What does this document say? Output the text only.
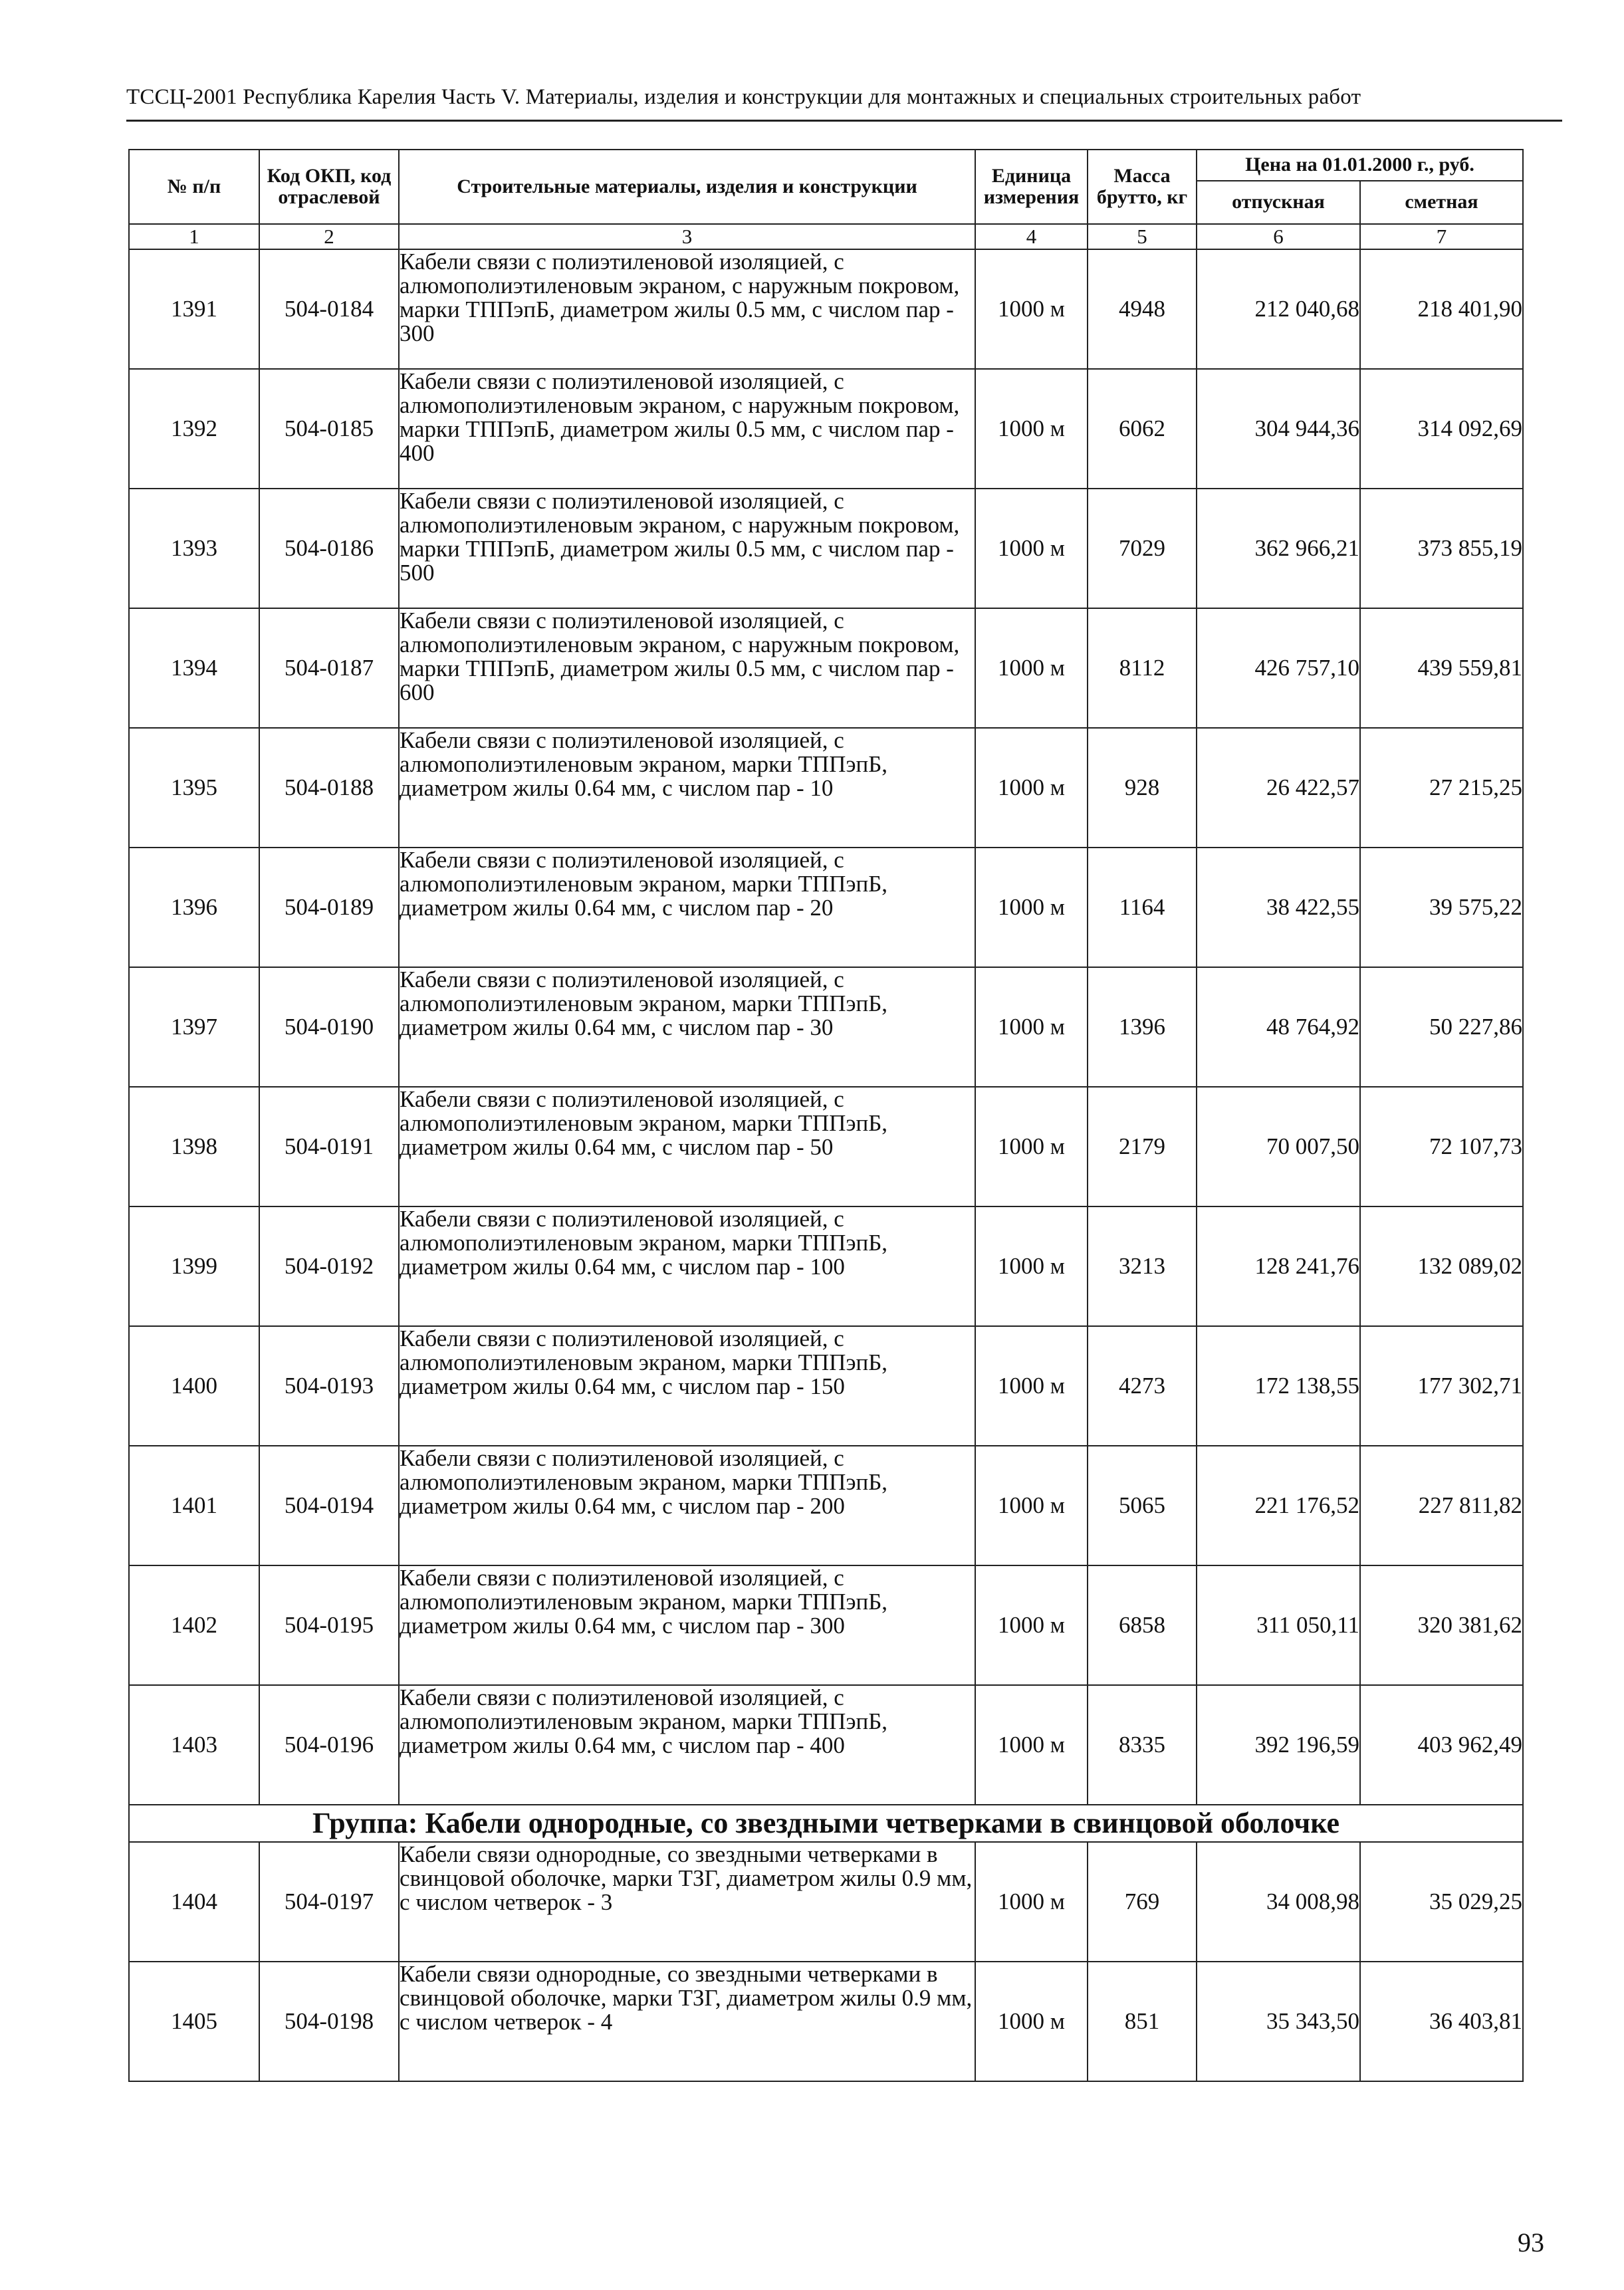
ТССЦ-2001 Республика Карелия Часть V. Материалы, изделия и конструкции для монтажных и специальных строительных работ
№ п/п	Код ОКП, код отраслевой	Строительные материалы, изделия и конструкции	Единица измерения	Масса брутто, кг	Цена на 01.01.2000 г., руб.	
					отпускная	сметная
1	2	3	4	5	6	7
1391	504-0184	Кабели связи с полиэтиленовой изоляцией, с алюмополиэтиленовым экраном, с наружным покровом, марки ТППэпБ, диаметром жилы 0.5 мм, с числом пар - 300	1000 м	4948	212 040,68	218 401,90
1392	504-0185	Кабели связи с полиэтиленовой изоляцией, с алюмополиэтиленовым экраном, с наружным покровом, марки ТППэпБ, диаметром жилы 0.5 мм, с числом пар - 400	1000 м	6062	304 944,36	314 092,69
1393	504-0186	Кабели связи с полиэтиленовой изоляцией, с алюмополиэтиленовым экраном, с наружным покровом, марки ТППэпБ, диаметром жилы 0.5 мм, с числом пар - 500	1000 м	7029	362 966,21	373 855,19
1394	504-0187	Кабели связи с полиэтиленовой изоляцией, с алюмополиэтиленовым экраном, с наружным покровом, марки ТППэпБ, диаметром жилы 0.5 мм, с числом пар - 600	1000 м	8112	426 757,10	439 559,81
1395	504-0188	Кабели связи с полиэтиленовой изоляцией, с алюмополиэтиленовым экраном, марки ТППэпБ, диаметром жилы 0.64 мм, с числом пар - 10	1000 м	928	26 422,57	27 215,25
1396	504-0189	Кабели связи с полиэтиленовой изоляцией, с алюмополиэтиленовым экраном, марки ТППэпБ, диаметром жилы 0.64 мм, с числом пар - 20	1000 м	1164	38 422,55	39 575,22
1397	504-0190	Кабели связи с полиэтиленовой изоляцией, с алюмополиэтиленовым экраном, марки ТППэпБ, диаметром жилы 0.64 мм, с числом пар - 30	1000 м	1396	48 764,92	50 227,86
1398	504-0191	Кабели связи с полиэтиленовой изоляцией, с алюмополиэтиленовым экраном, марки ТППэпБ, диаметром жилы 0.64 мм, с числом пар - 50	1000 м	2179	70 007,50	72 107,73
1399	504-0192	Кабели связи с полиэтиленовой изоляцией, с алюмополиэтиленовым экраном, марки ТППэпБ, диаметром жилы 0.64 мм, с числом пар - 100	1000 м	3213	128 241,76	132 089,02
1400	504-0193	Кабели связи с полиэтиленовой изоляцией, с алюмополиэтиленовым экраном, марки ТППэпБ, диаметром жилы 0.64 мм, с числом пар - 150	1000 м	4273	172 138,55	177 302,71
1401	504-0194	Кабели связи с полиэтиленовой изоляцией, с алюмополиэтиленовым экраном, марки ТППэпБ, диаметром жилы 0.64 мм, с числом пар - 200	1000 м	5065	221 176,52	227 811,82
1402	504-0195	Кабели связи с полиэтиленовой изоляцией, с алюмополиэтиленовым экраном, марки ТППэпБ, диаметром жилы 0.64 мм, с числом пар - 300	1000 м	6858	311 050,11	320 381,62
1403	504-0196	Кабели связи с полиэтиленовой изоляцией, с алюмополиэтиленовым экраном, марки ТППэпБ, диаметром жилы 0.64 мм, с числом пар - 400	1000 м	8335	392 196,59	403 962,49
Группа: Кабели однородные, со звездными четверками в свинцовой оболочке						
1404	504-0197	Кабели связи однородные, со звездными четверками в свинцовой оболочке, марки ТЗГ, диаметром жилы 0.9 мм, с числом четверок - 3	1000 м	769	34 008,98	35 029,25
1405	504-0198	Кабели связи однородные, со звездными четверками в свинцовой оболочке, марки ТЗГ, диаметром жилы 0.9 мм, с числом четверок - 4	1000 м	851	35 343,50	36 403,81
93
